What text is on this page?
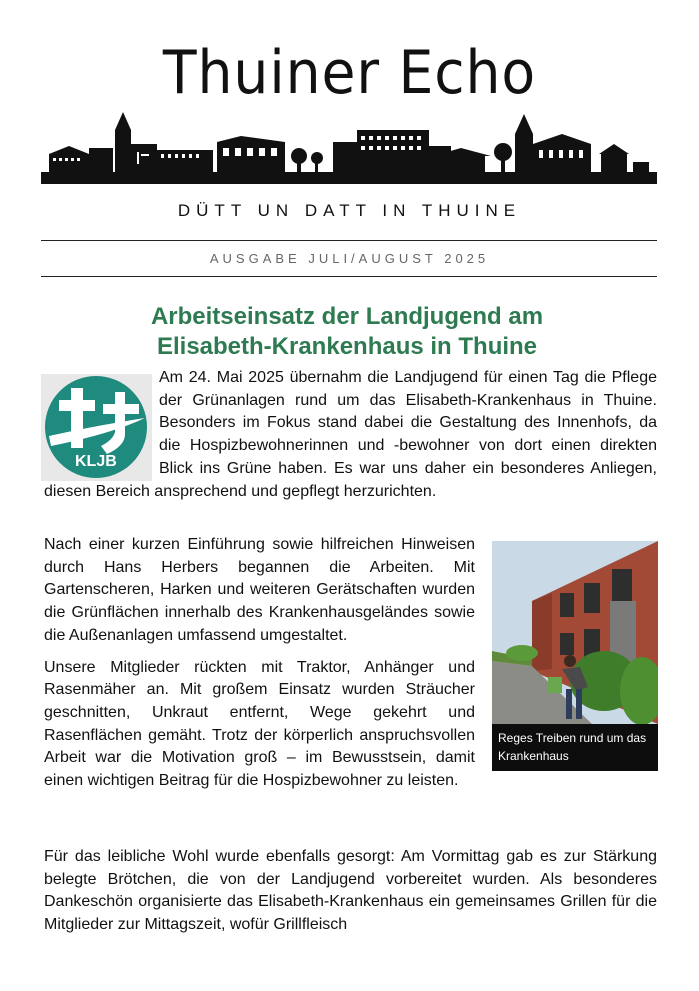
Thuiner Echo
DÜTT UN DATT IN THUINE
AUSGABE JULI/AUGUST 2025
Arbeitseinsatz der Landjugend am
Elisabeth-Krankenhaus in Thuine

Am 24. Mai 2025 übernahm die Landjugend für einen Tag die Pflege der Grünanlagen rund um das Elisabeth-Krankenhaus in Thuine. Besonders im Fokus stand dabei die Gestaltung des Innenhofs, da die Hospizbewohnerinnen und -bewohner von dort einen direkten Blick ins Grüne haben. Es war uns daher ein besonderes Anliegen, diesen Bereich ansprechend und gepflegt herzurichten.

KLJB

Nach einer kurzen Einführung sowie hilfreichen Hinweisen durch Hans Herbers begannen die Arbeiten. Mit Gartenscheren, Harken und weiteren Gerätschaften wurden die Grünflächen innerhalb des Krankenhausgeländes sowie die Außenanlagen umfassend umgestaltet.

Unsere Mitglieder rückten mit Traktor, Anhänger und Rasenmäher an. Mit großem Einsatz wurden Sträucher geschnitten, Unkraut entfernt, Wege gekehrt und Rasenflächen gemäht. Trotz der körperlich anspruchsvollen Arbeit war die Motivation groß – im Bewusstsein, damit einen wichtigen Beitrag für die Hospizbewohner zu leisten.

Reges Treiben rund um das Krankenhaus

Für das leibliche Wohl wurde ebenfalls gesorgt: Am Vormittag gab es zur Stärkung belegte Brötchen, die von der Landjugend vorbereitet wurden. Als besonderes Dankeschön organisierte das Elisabeth-Krankenhaus ein gemeinsames Grillen für die Mitglieder zur Mittagszeit, wofür Grillfleisch
